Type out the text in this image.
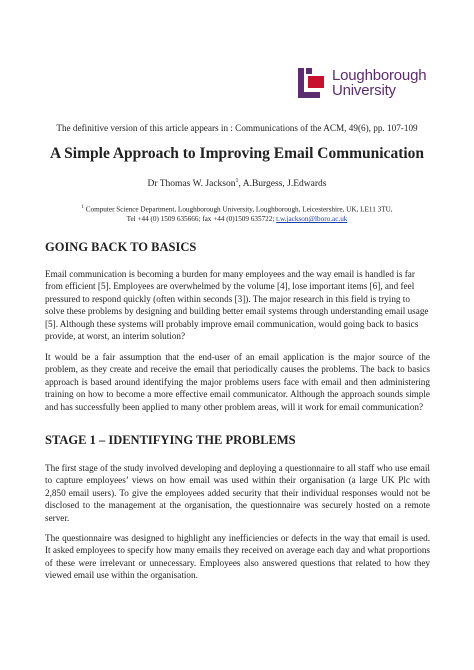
Loughborough
University
The definitive version of this article appears in : Communications of the ACM, 49(6), pp. 107-109
A Simple Approach to Improving Email Communication
Dr Thomas W. Jackson$^1$, A.Burgess, J.Edwards
$^1$ Computer Science Department, Loughborough University, Loughborough, Leicestershire, UK, LE11 3TU,
Tel +44 (0) 1509 635666; fax +44 (0)1509 635722; t.w.jackson@lboro.ac.uk
GOING BACK TO BASICS

Email communication is becoming a burden for many employees and the way email is handled is far from efficient [5]. Employees are overwhelmed by the volume [4], lose important items [6], and feel pressured to respond quickly (often within seconds [3]). The major research in this field is trying to solve these problems by designing and building better email systems through understanding email usage [5]. Although these systems will probably improve email communication, would going back to basics provide, at worst, an interim solution?

It would be a fair assumption that the end-user of an email application is the major source of the problem, as they create and receive the email that periodically causes the problems. The back to basics approach is based around identifying the major problems users face with email and then administering training on how to become a more effective email communicator. Although the approach sounds simple and has successfully been applied to many other problem areas, will it work for email communication?

STAGE 1 – IDENTIFYING THE PROBLEMS

The first stage of the study involved developing and deploying a questionnaire to all staff who use email to capture employees’ views on how email was used within their organisation (a large UK Plc with 2,850 email users). To give the employees added security that their individual responses would not be disclosed to the management at the organisation, the questionnaire was securely hosted on a remote server.

The questionnaire was designed to highlight any inefficiencies or defects in the way that email is used. It asked employees to specify how many emails they received on average each day and what proportions of these were irrelevant or unnecessary. Employees also answered questions that related to how they viewed email use within the organisation.
